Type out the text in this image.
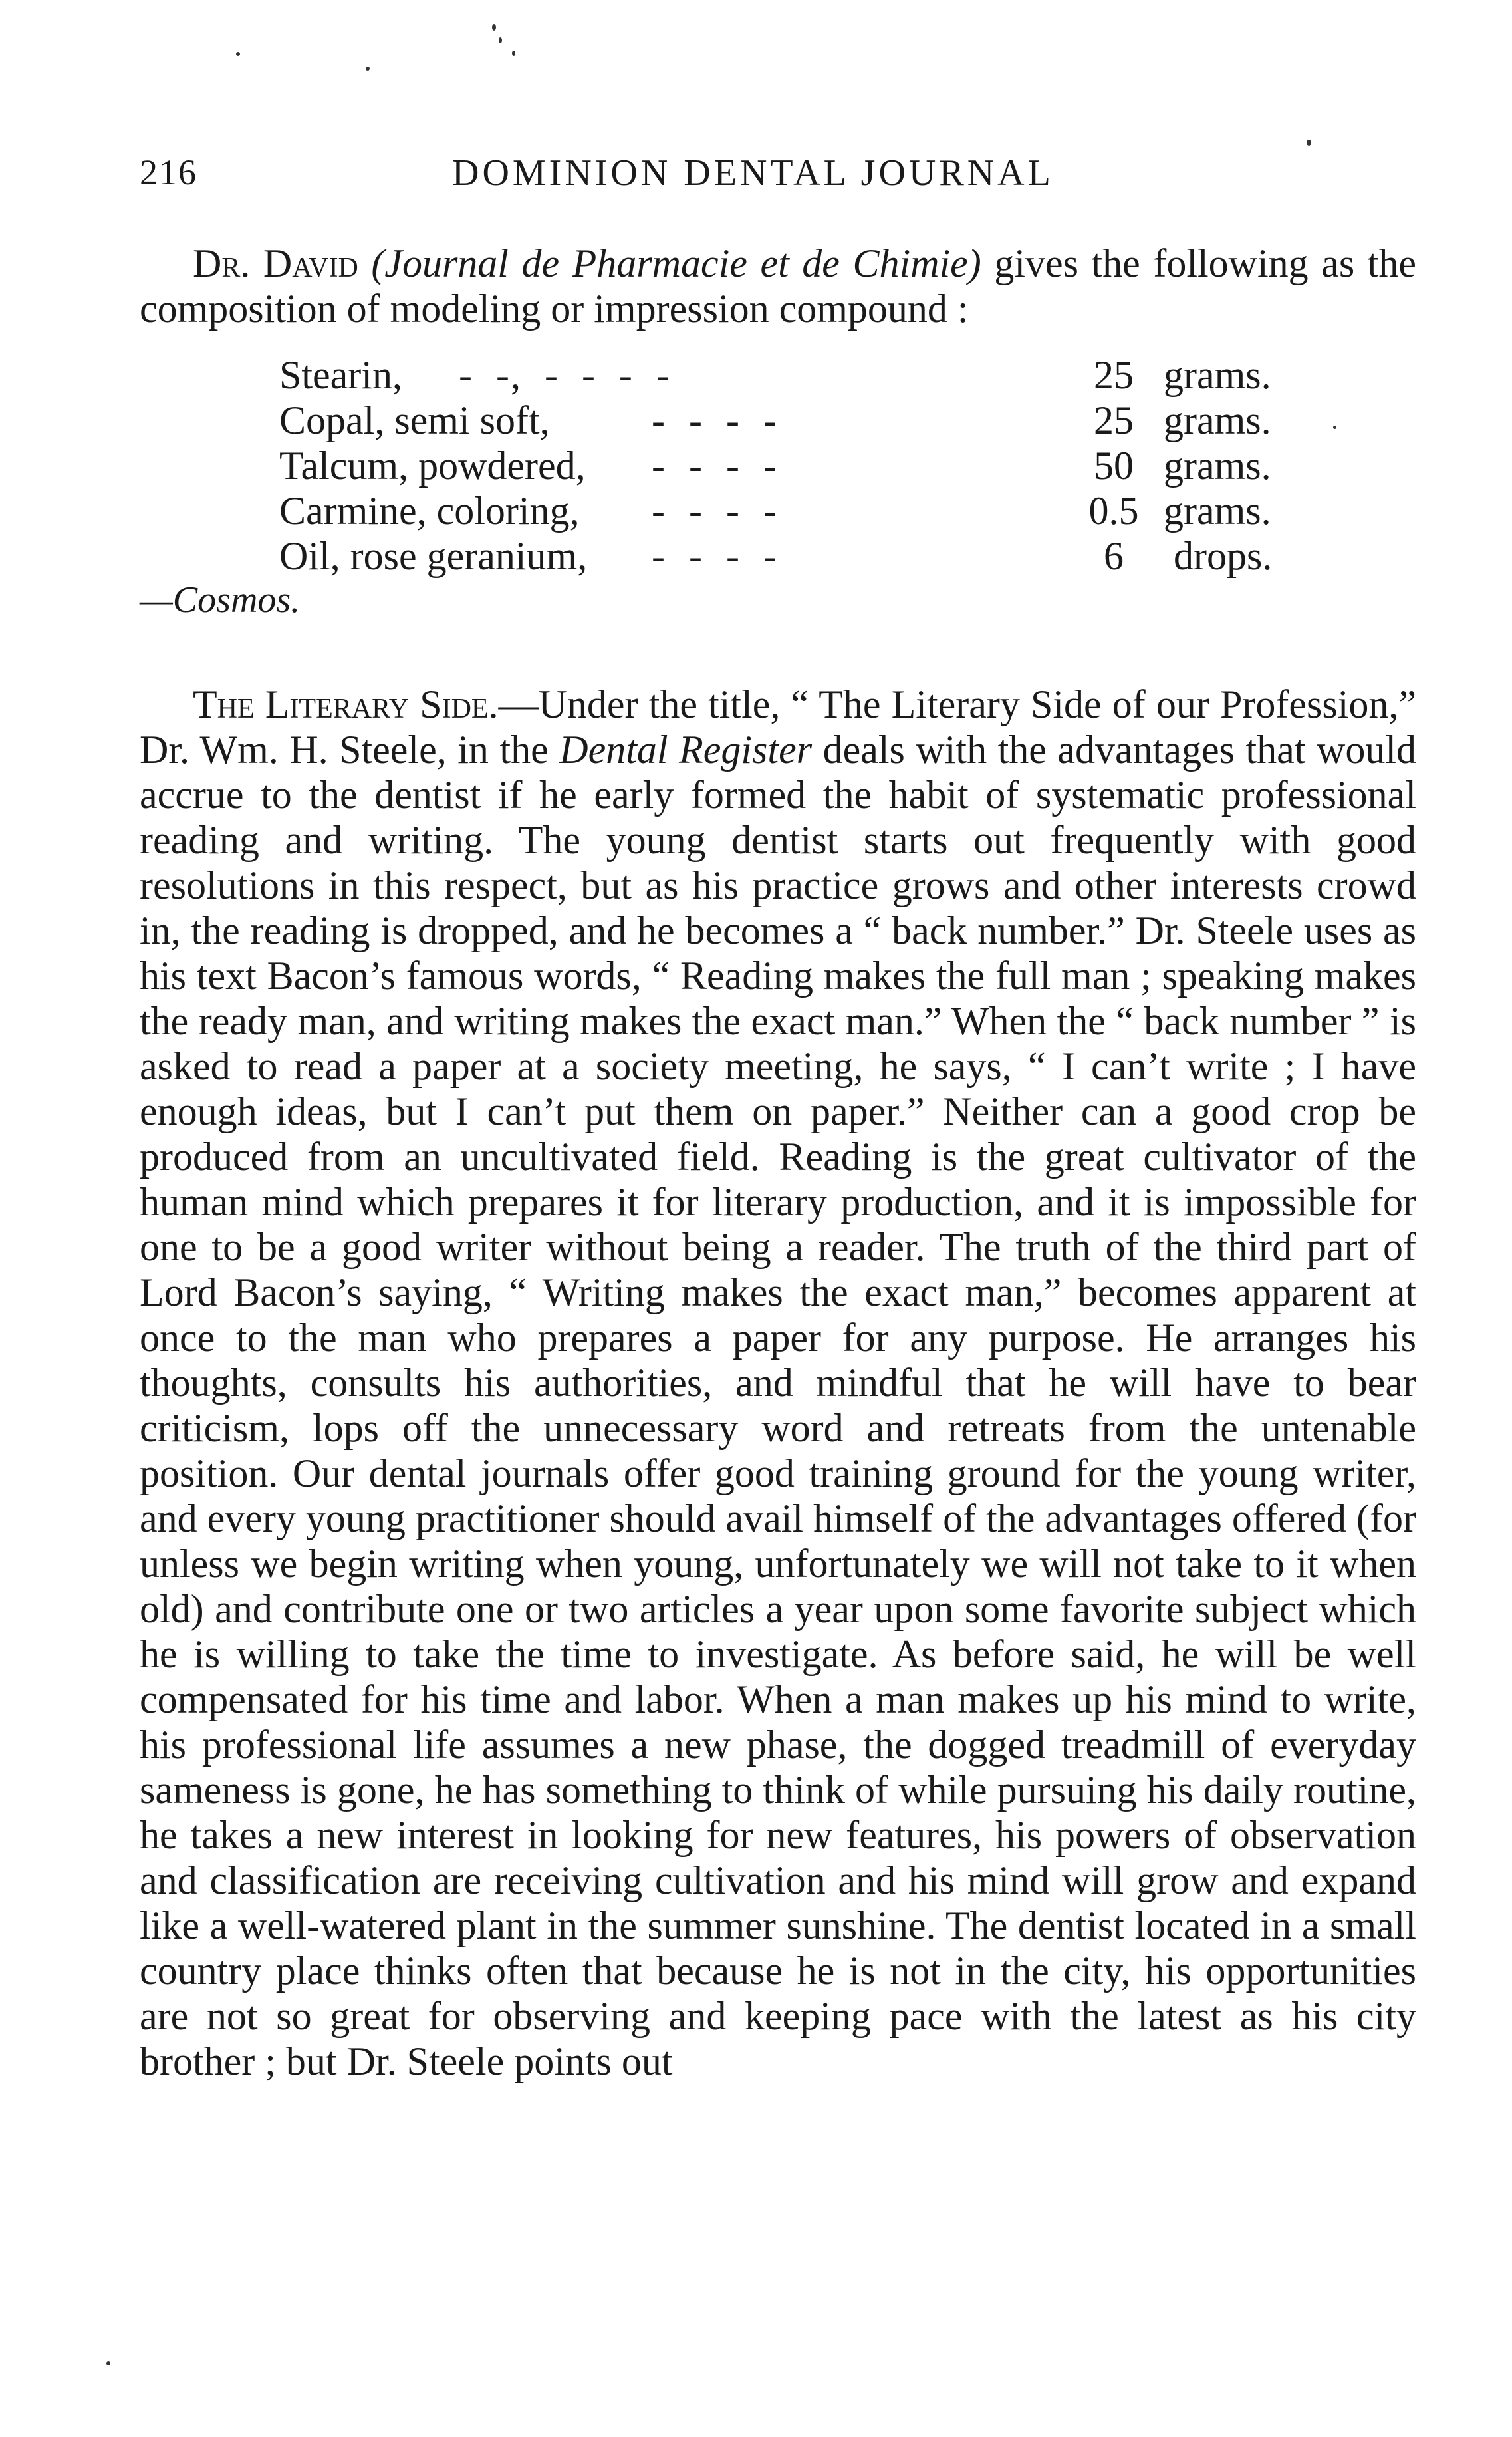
216	DOMINION DENTAL JOURNAL

Dr. David (Journal de Pharmacie et de Chimie) gives the following as the composition of modeling or impression compound :

Stearin, -  -,  -  -  -  -	25 grams.
Copal, semi soft,	-  -  -  -	25 grams.
Talcum, powdered, -  -  -  -	50 grams.
Carmine, coloring, -  -  -  -	0.5 grams.
Oil, rose geranium, -  -  -  -	6	drops.
—Cosmos.

The Literary Side.—Under the title, “ The Literary Side of our Profession,” Dr. Wm. H. Steele, in the Dental Register deals with the advantages that would accrue to the dentist if he early formed the habit of systematic professional reading and writing. The young dentist starts out frequently with good resolutions in this respect, but as his practice grows and other interests crowd in, the reading is dropped, and he becomes a “ back number.” Dr. Steele uses as his text Bacon’s famous words, “ Reading makes the full man ; speaking makes the ready man, and writing makes the exact man.” When the “ back number ” is asked to read a paper at a society meeting, he says, “ I can’t write ; I have enough ideas, but I can’t put them on paper.” Neither can a good crop be produced from an uncultivated field. Reading is the great cultivator of the human mind which prepares it for literary production, and it is impossible for one to be a good writer without being a reader. The truth of the third part of Lord Bacon’s saying, “ Writing makes the exact man,” becomes apparent at once to the man who prepares a paper for any purpose. He arranges his thoughts, consults his authorities, and mindful that he will have to bear criticism, lops off the unnecessary word and retreats from the untenable position. Our dental journals offer good training ground for the young writer, and every young practitioner should avail himself of the advantages offered (for unless we begin writing when young, unfortunately we will not take to it when old) and contribute one or two articles a year upon some favorite subject which he is willing to take the time to investigate. As before said, he will be well compensated for his time and labor. When a man makes up his mind to write, his professional life assumes a new phase, the dogged treadmill of everyday sameness is gone, he has something to think of while pursuing his daily routine, he takes a new interest in looking for new features, his powers of observation and classification are receiving cultivation and his mind will grow and expand like a well-watered plant in the summer sunshine. The dentist located in a small country place thinks often that because he is not in the city, his opportunities are not so great for observing and keeping pace with the latest as his city brother ; but Dr. Steele points out
